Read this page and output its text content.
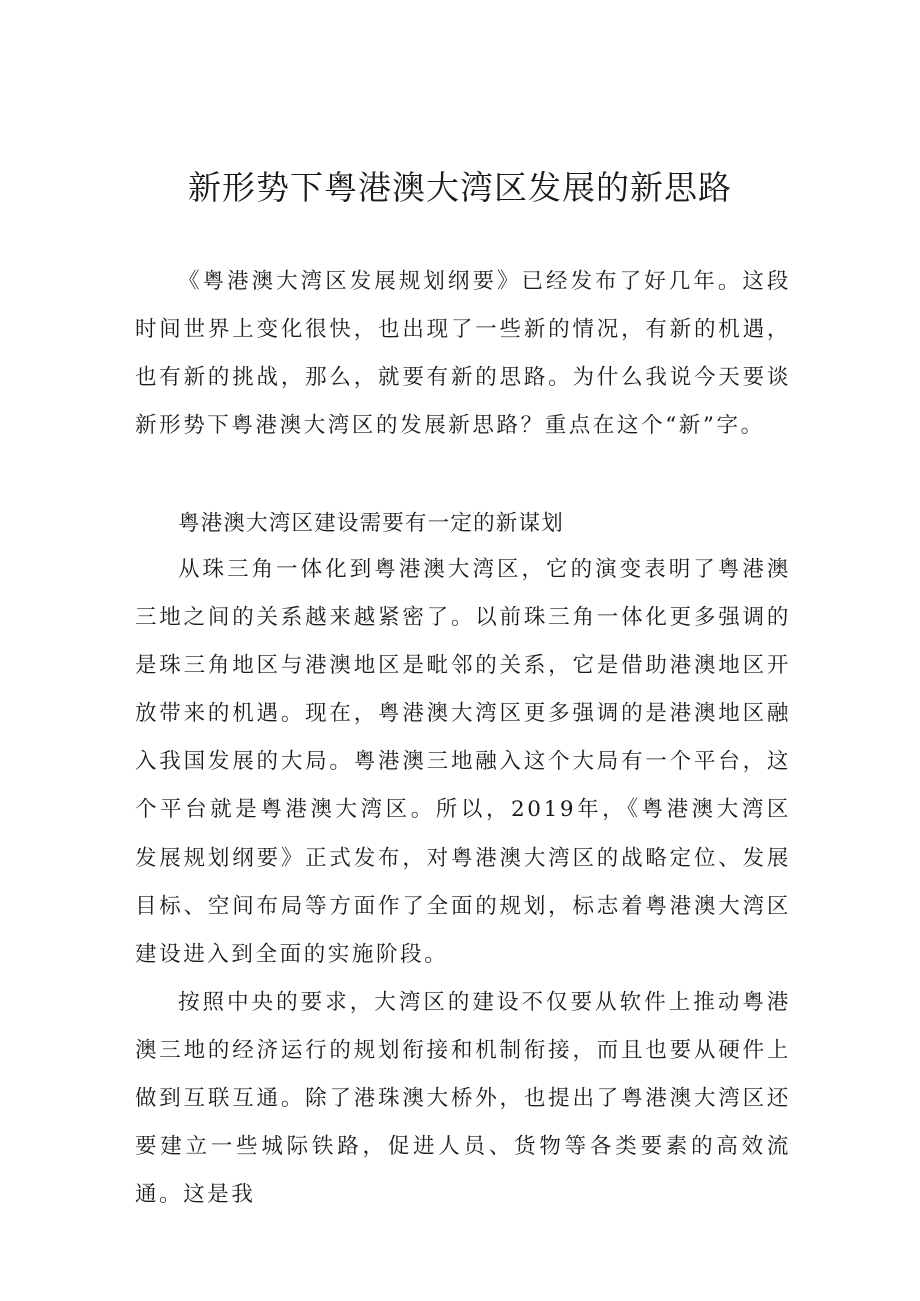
新形势下粤港澳大湾区发展的新思路

《粤港澳大湾区发展规划纲要》已经发布了好几年。这段时间世界上变化很快，也出现了一些新的情况，有新的机遇，也有新的挑战，那么，就要有新的思路。为什么我说今天要谈新形势下粤港澳大湾区的发展新思路？重点在这个“新”字。

粤港澳大湾区建设需要有一定的新谋划

从珠三角一体化到粤港澳大湾区，它的演变表明了粤港澳三地之间的关系越来越紧密了。以前珠三角一体化更多强调的是珠三角地区与港澳地区是毗邻的关系，它是借助港澳地区开放带来的机遇。现在，粤港澳大湾区更多强调的是港澳地区融入我国发展的大局。粤港澳三地融入这个大局有一个平台，这个平台就是粤港澳大湾区。所以，2019年，《粤港澳大湾区发展规划纲要》正式发布，对粤港澳大湾区的战略定位、发展目标、空间布局等方面作了全面的规划，标志着粤港澳大湾区建设进入到全面的实施阶段。

按照中央的要求，大湾区的建设不仅要从软件上推动粤港澳三地的经济运行的规划衔接和机制衔接，而且也要从硬件上做到互联互通。除了港珠澳大桥外，也提出了粤港澳大湾区还要建立一些城际铁路，促进人员、货物等各类要素的高效流通。这是我
